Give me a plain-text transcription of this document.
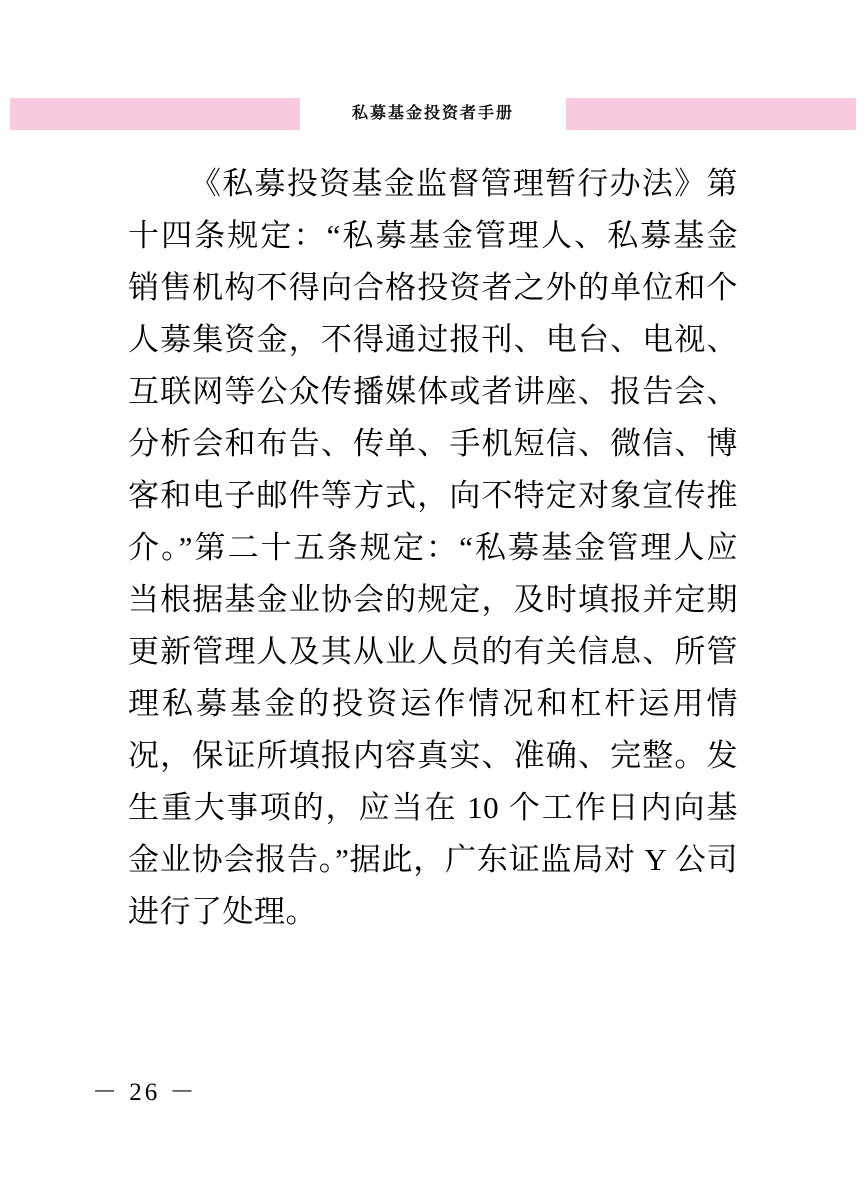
私募基金投资者手册

《私募投资基金监督管理暂行办法》第十四条规定：“私募基金管理人、私募基金销售机构不得向合格投资者之外的单位和个人募集资金，不得通过报刊、电台、电视、互联网等公众传播媒体或者讲座、报告会、分析会和布告、传单、手机短信、微信、博客和电子邮件等方式，向不特定对象宣传推介。”第二十五条规定：“私募基金管理人应当根据基金业协会的规定，及时填报并定期更新管理人及其从业人员的有关信息、所管理私募基金的投资运作情况和杠杆运用情况，保证所填报内容真实、准确、完整。发生重大事项的，应当在 10 个工作日内向基金业协会报告。”据此，广东证监局对 Y 公司进行了处理。

－ 26 －
